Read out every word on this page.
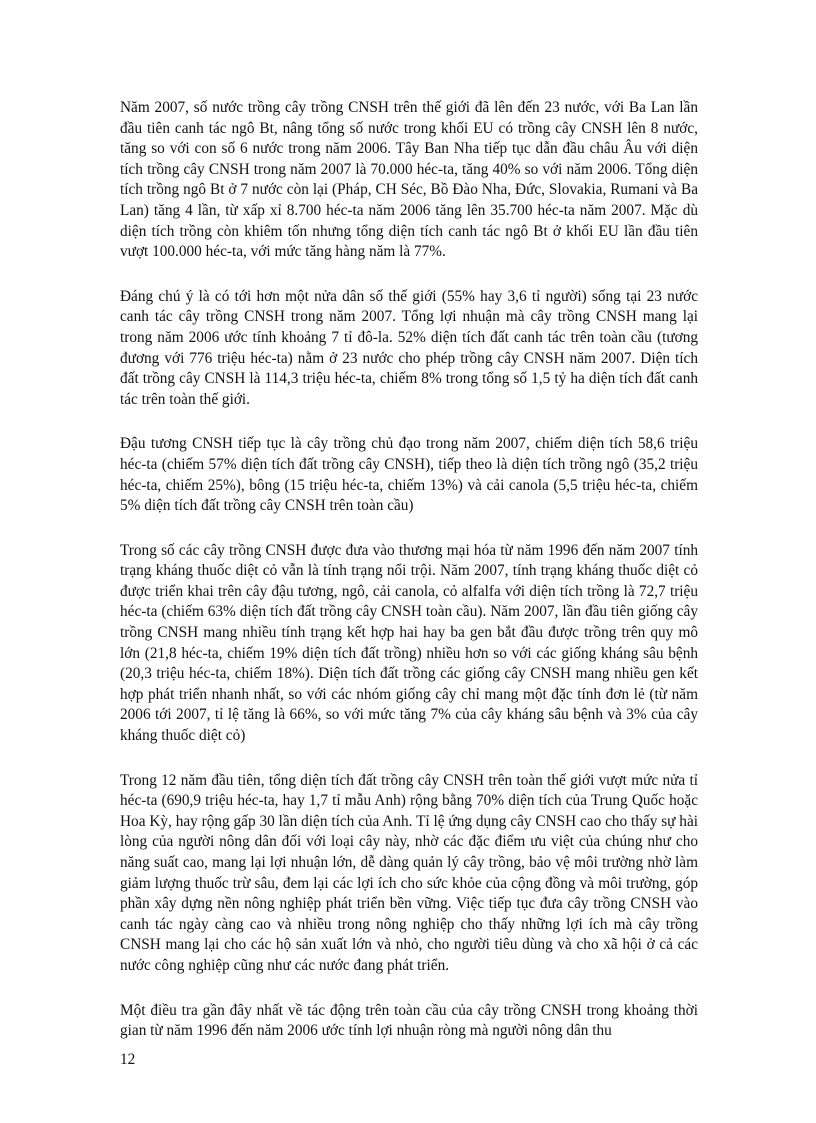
Năm 2007, số nước trồng cây trồng CNSH trên thế giới đã lên đến 23 nước, với Ba Lan lần đầu tiên canh tác ngô Bt, nâng tổng số nước trong khối EU có trồng cây CNSH lên 8 nước, tăng so với con số 6 nước trong năm 2006. Tây Ban Nha tiếp tục dẫn đầu châu Âu với diện tích trồng cây CNSH trong năm 2007 là 70.000 héc-ta, tăng 40% so với năm 2006. Tổng diện tích trồng ngô Bt ở 7 nước còn lại (Pháp, CH Séc, Bồ Đào Nha, Đức, Slovakia, Rumani và Ba Lan) tăng 4 lần, từ xấp xỉ 8.700 héc-ta năm 2006 tăng lên 35.700 héc-ta năm 2007. Mặc dù diện tích trồng còn khiêm tốn nhưng tổng diện tích canh tác ngô Bt ở khối EU lần đầu tiên vượt 100.000 héc-ta, với mức tăng hàng năm là 77%.

Đáng chú ý là có tới hơn một nửa dân số thế giới (55% hay 3,6 tỉ người) sống tại 23 nước canh tác cây trồng CNSH trong năm 2007. Tổng lợi nhuận mà cây trồng CNSH mang lại trong năm 2006 ước tính khoảng 7 tỉ đô-la. 52% diện tích đất canh tác trên toàn cầu (tương đương với 776 triệu héc-ta) nằm ở 23 nước cho phép trồng cây CNSH năm 2007. Diện tích đất trồng cây CNSH là 114,3 triệu héc-ta, chiếm 8% trong tổng số 1,5 tỷ ha diện tích đất canh tác trên toàn thế giới.

Đậu tương CNSH tiếp tục là cây trồng chủ đạo trong năm 2007, chiếm diện tích 58,6 triệu héc-ta (chiếm 57% diện tích đất trồng cây CNSH), tiếp theo là diện tích trồng ngô (35,2 triệu héc-ta, chiếm 25%), bông (15 triệu héc-ta, chiếm 13%) và cải canola (5,5 triệu héc-ta, chiếm 5% diện tích đất trồng cây CNSH trên toàn cầu)

Trong số các cây trồng CNSH được đưa vào thương mại hóa từ năm 1996 đến năm 2007 tính trạng kháng thuốc diệt cỏ vẫn là tính trạng nổi trội. Năm 2007, tính trạng kháng thuốc diệt cỏ được triển khai trên cây đậu tương, ngô, cải canola, cỏ alfalfa với diện tích trồng là 72,7 triệu héc-ta (chiếm 63% diện tích đất trồng cây CNSH toàn cầu). Năm 2007, lần đầu tiên giống cây trồng CNSH mang nhiều tính trạng kết hợp hai hay ba gen bắt đầu được trồng trên quy mô lớn (21,8 héc-ta, chiếm 19% diện tích đất trồng) nhiều hơn so với các giống kháng sâu bệnh (20,3 triệu héc-ta, chiếm 18%). Diện tích đất trồng các giống cây CNSH mang nhiều gen kết hợp phát triển nhanh nhất, so với các nhóm giống cây chỉ mang một đặc tính đơn lẻ (từ năm 2006 tới 2007, tỉ lệ tăng là 66%, so với mức tăng 7% của cây kháng sâu bệnh và 3% của cây kháng thuốc diệt cỏ)

Trong 12 năm đầu tiên, tổng diện tích đất trồng cây CNSH trên toàn thế giới vượt mức nửa tỉ héc-ta (690,9 triệu héc-ta, hay 1,7 tỉ mẫu Anh) rộng bằng 70% diện tích của Trung Quốc hoặc Hoa Kỳ, hay rộng gấp 30 lần diện tích của Anh. Tỉ lệ ứng dụng cây CNSH cao cho thấy sự hài lòng của người nông dân đối với loại cây này, nhờ các đặc điểm ưu việt của chúng như cho năng suất cao, mang lại lợi nhuận lớn, dễ dàng quản lý cây trồng, bảo vệ môi trường nhờ làm giảm lượng thuốc trừ sâu, đem lại các lợi ích cho sức khỏe của cộng đồng và môi trường, góp phần xây dựng nền nông nghiệp phát triển bền vững. Việc tiếp tục đưa cây trồng CNSH vào canh tác ngày càng cao và nhiều trong nông nghiệp cho thấy những lợi ích mà cây trồng CNSH mang lại cho các hộ sản xuất lớn và nhỏ, cho người tiêu dùng và cho xã hội ở cả các nước công nghiệp cũng như các nước đang phát triển.

Một điều tra gần đây nhất về tác động trên toàn cầu của cây trồng CNSH trong khoảng thời gian từ năm 1996 đến năm 2006 ước tính lợi nhuận ròng mà người nông dân thu

12
